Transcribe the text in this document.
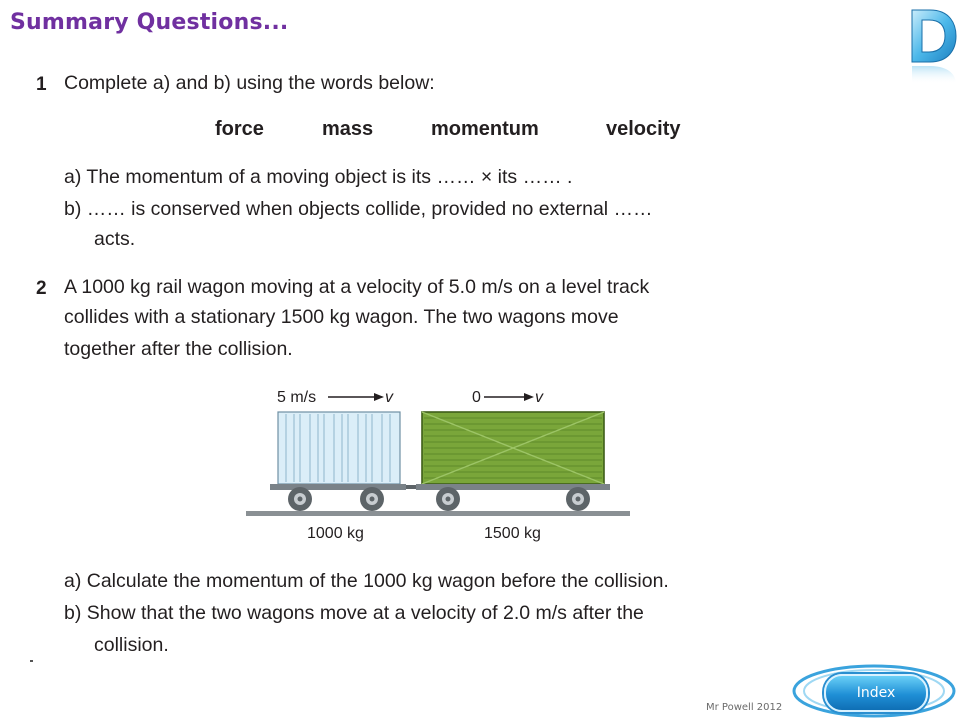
Summary Questions...
1 Complete a) and b) using the words below:
force	mass	momentum	velocity
a) The momentum of a moving object is its …… × its …… .
b) …… is conserved when objects collide, provided no external ……
acts.
2 A 1000 kg rail wagon moving at a velocity of 5.0 m/s on a level track
collides with a stationary 1500 kg wagon. The two wagons move
together after the collision.
5 m/s	v	0	v
1000 kg	1500 kg
a) Calculate the momentum of the 1000 kg wagon before the collision.
b) Show that the two wagons move at a velocity of 2.0 m/s after the
collision.
Mr Powell 2012
Index
